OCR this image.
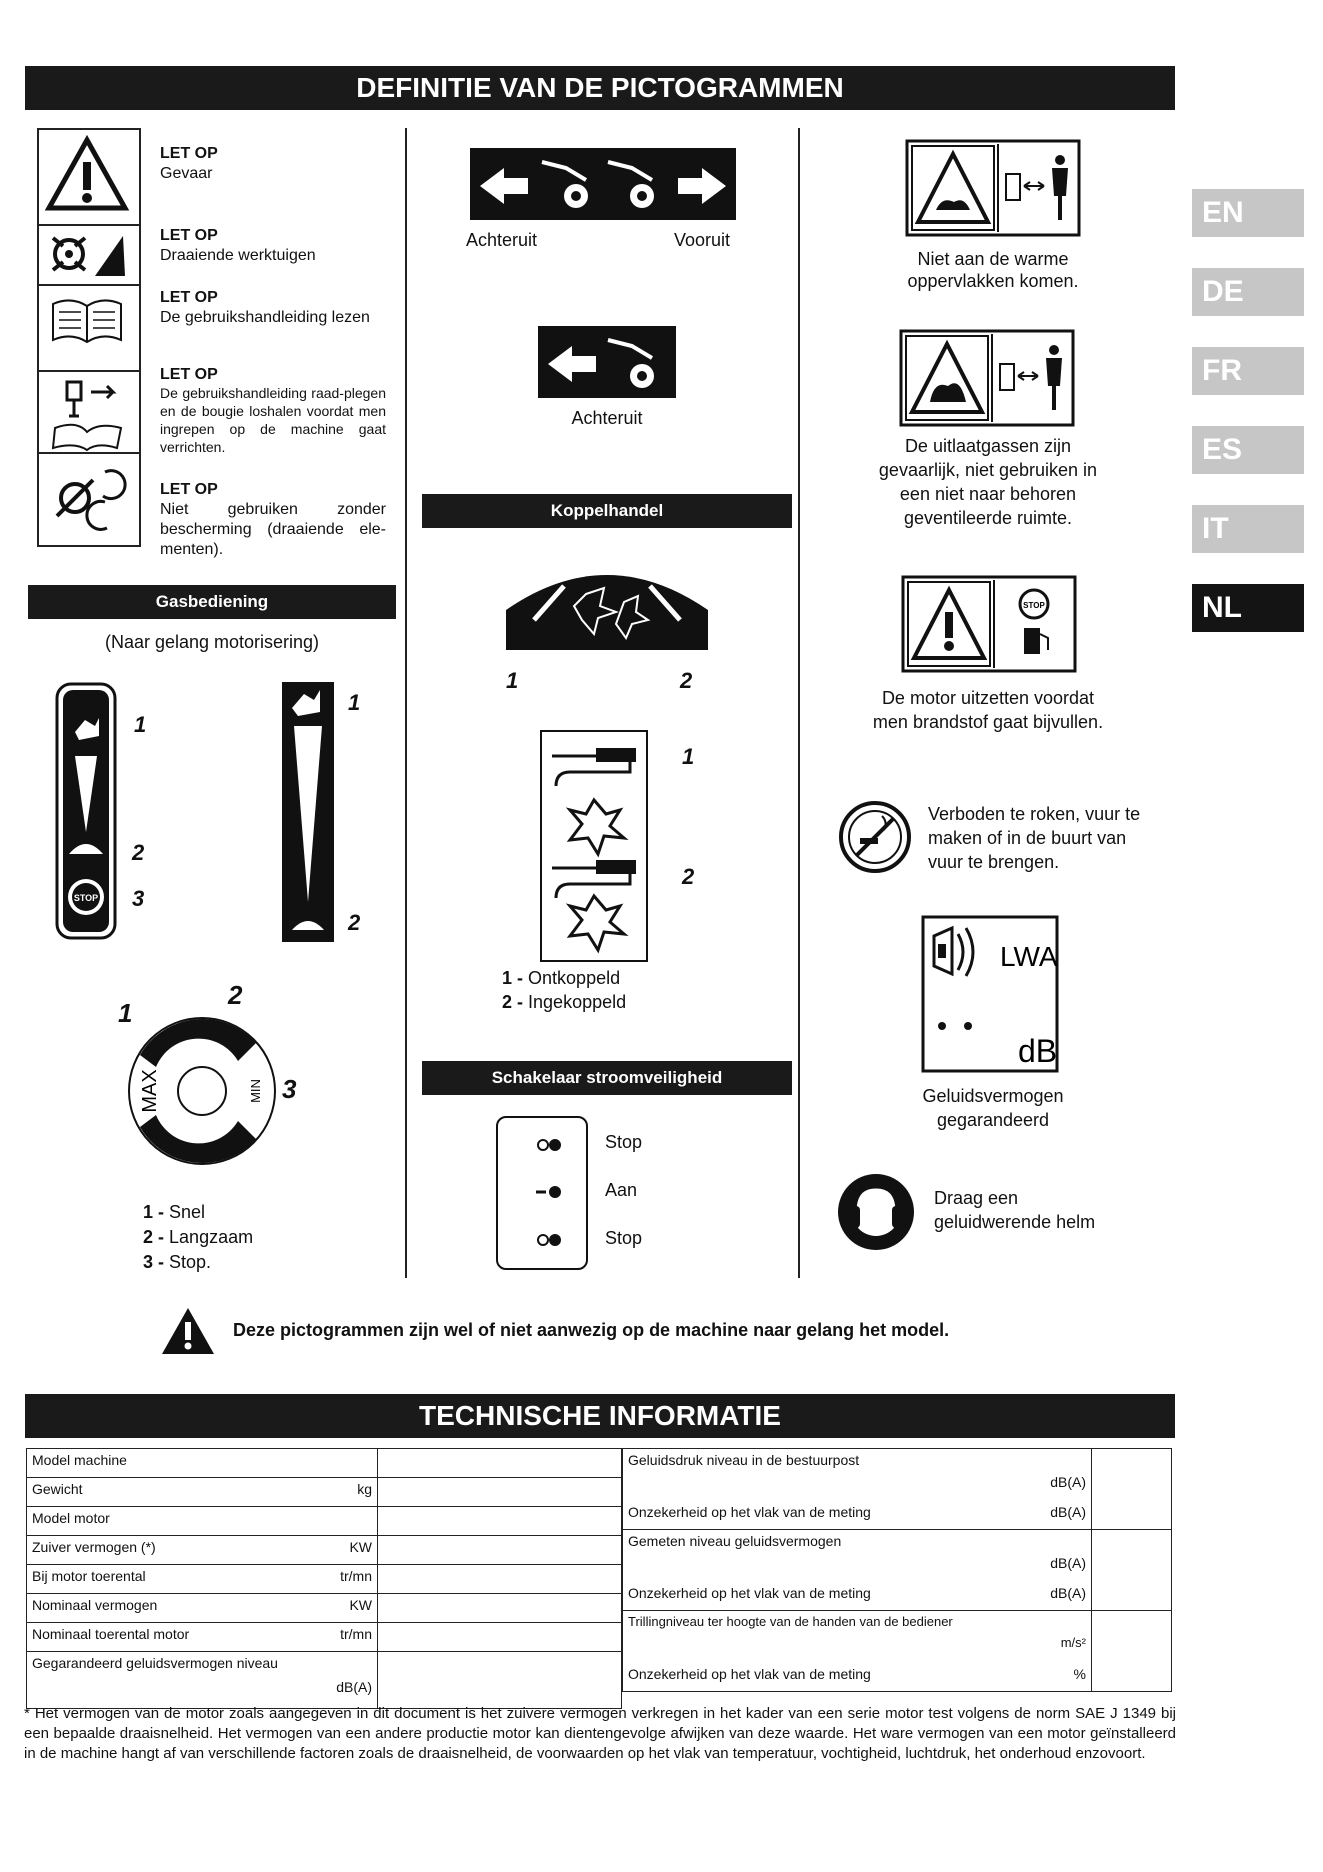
DEFINITIE VAN DE PICTOGRAMMEN
EN
DE
FR
ES
IT
NL
LET OP
Gevaar
LET OP
Draaiende werktuigen
LET OP
De gebruikshandleiding lezen
LET OP
De gebruikshandleiding raad-plegen en de bougie loshalen voordat men ingrepen op de machine gaat verrichten.
LET OP
Niet gebruiken zonder bescherming (draaiende ele-menten).
Gasbediening
(Naar gelang motorisering)
STOP
1
2
3
1
2
MAX	MIN
1
2
3
1 - Snel
2 - Langzaam
3 - Stop.
Achteruit	Vooruit
Achteruit
Koppelhandel
1	2
1
2
1 - Ontkoppeld
2 - Ingekoppeld
Schakelaar stroomveiligheid
Stop
Aan
Stop
Niet aan de warme oppervlakken komen.
De uitlaatgassen zijn gevaarlijk, niet gebruiken in een niet naar behoren geventileerde ruimte.
STOP
De motor uitzetten voordat men brandstof gaat bijvullen.
Verboden te roken, vuur te maken of in de buurt van vuur te brengen.
LWA
dB
Geluidsvermogen gegarandeerd
Draag een geluidwerende helm
Deze pictogrammen zijn wel of niet aanwezig op de machine naar gelang het model.
TECHNISCHE INFORMATIE
Model machine

Gewicht kg	

Model motor

Zuiver vermogen (*) KW	

Bij motor toerental tr/mn	

Nominaal vermogen KW	

Nominaal toerental motor tr/mn	

Gegarandeerd geluidsvermogen niveau
dB(A)	

Geluidsdruk niveau in de bestuurpost
dB(A)
Onzekerheid op het vlak van de meting dB(A)	

Gemeten niveau geluidsvermogen
dB(A)
Onzekerheid op het vlak van de meting dB(A)	

Trillingniveau ter hoogte van de handen van de bediener
m/s²
Onzekerheid op het vlak van de meting %	

* Het vermogen van de motor zoals aangegeven in dit document is het zuivere vermogen verkregen in het kader van een serie motor test volgens de norm SAE J 1349 bij een bepaalde draaisnelheid. Het vermogen van een andere productie motor kan dientengevolge afwijken van deze waarde. Het ware vermogen van een motor geïnstalleerd in de machine hangt af van verschillende factoren zoals de draaisnelheid, de voorwaarden op het vlak van temperatuur, vochtigheid, luchtdruk, het onderhoud enzovoort.
